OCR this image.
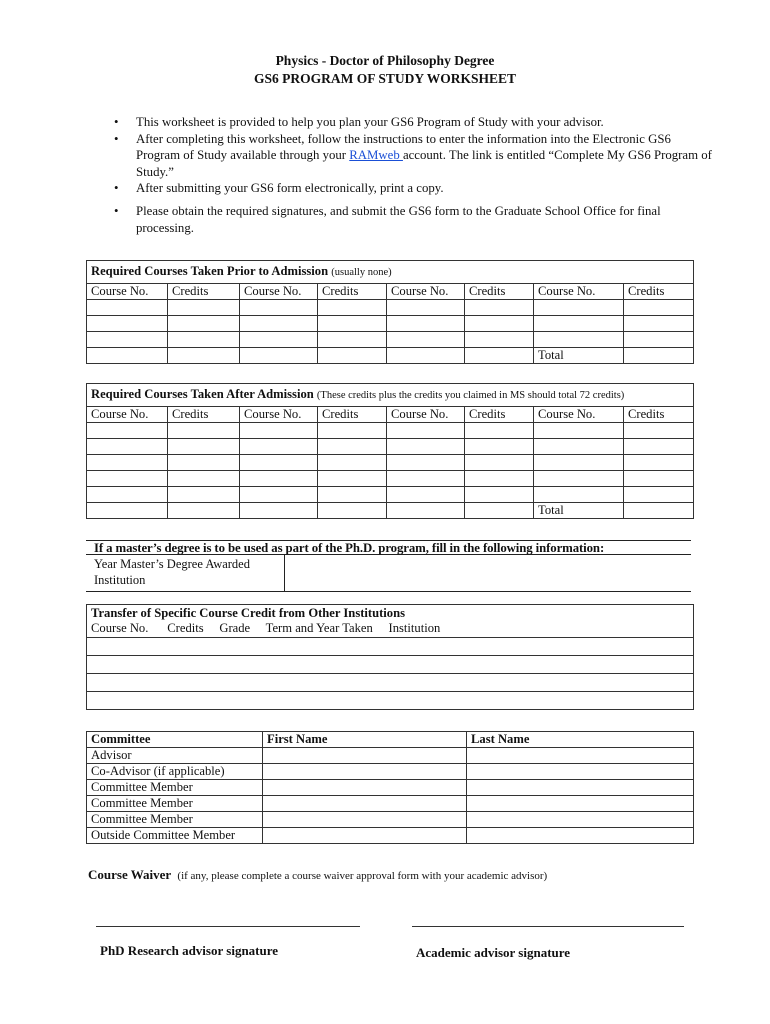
Physics - Doctor of Philosophy Degree
GS6 PROGRAM OF STUDY WORKSHEET
• This worksheet is provided to help you plan your GS6 Program of Study with your advisor.
• After completing this worksheet, follow the instructions to enter the information into the Electronic GS6 Program of Study available through your RAMweb account. The link is entitled “Complete My GS6 Program of Study.”
• After submitting your GS6 form electronically, print a copy.
• Please obtain the required signatures, and submit the GS6 form to the Graduate School Office for final processing.
Required Courses Taken Prior to Admission (usually none)							
Course No.	Credits	Course No.	Credits	Course No.	Credits	Course No.	Credits

						Total	
Required Courses Taken After Admission (These credits plus the credits you claimed in MS should total 72 credits)							
Course No.	Credits	Course No.	Credits	Course No.	Credits	Course No.	Credits

						Total	
If a master’s degree is to be used as part of the Ph.D. program, fill in the following information:
Year Master’s Degree Awarded
Institution
Transfer of Specific Course Credit from Other Institutions
Course No.      Credits     Grade     Term and Year Taken     Institution

Committee	First Name	Last Name
Advisor		
Co-Advisor (if applicable)		
Committee Member		
Committee Member		
Committee Member		
Outside Committee Member		
Course Waiver (if any, please complete a course waiver approval form with your academic advisor)
PhD Research advisor signature	Academic advisor signature
